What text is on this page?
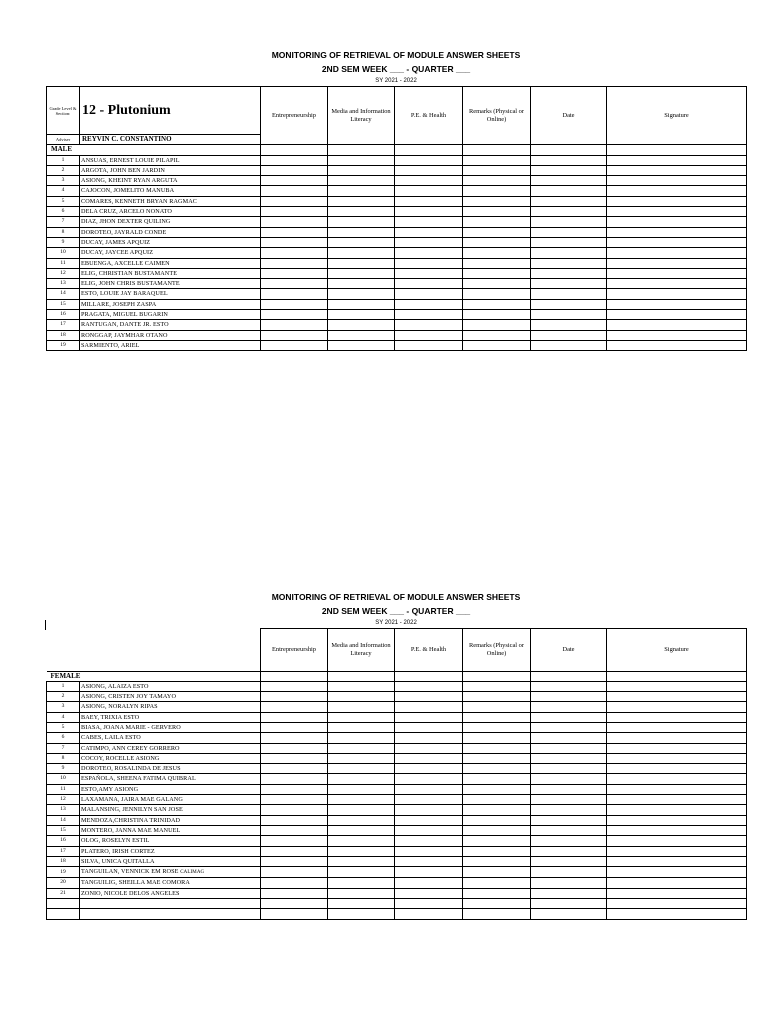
MONITORING OF RETRIEVAL OF MODULE ANSWER SHEETS
2ND SEM WEEK ___ - QUARTER ___
SY 2021 - 2022
Grade Level & Section:	12 - Plutonium	Entrepreneurship	Media and Information Literacy	P.E. & Health	Remarks (Physical or Online)	Date	Signature
Adviser	REYVIN C. CONSTANTINO						
MALE							
1	ANSUAS, ERNEST LOUIE PILAPIL						
2	ARGOTA, JOHN BEN JARDIN						
3	ASIONG, KHEINT RYAN ARGUTA						
4	CAJOCON, JOMELITO MANUBA						
5	COMARES, KENNETH BRYAN RAGMAC						
6	DELA CRUZ, ARCELO NONATO						
7	DIAZ, JHON DEXTER QUILING						
8	DOROTEO, JAYRALD CONDE						
9	DUCAY, JAMES APQUIZ						
10	DUCAY, JAYCEE APQUIZ						
11	EBUENGA, AXCELLE CAIMEN						
12	ELIG, CHRISTIAN BUSTAMANTE						
13	ELIG, JOHN CHRIS BUSTAMANTE						
14	ESTO, LOUIE JAY BARAQUEL						
15	MILLARE, JOSEPH ZASPA						
16	PRAGATA, MIGUEL BUGARIN						
17	RANTUGAN, DANTE JR. ESTO						
18	RONGGAP, JAYMHAR OTANO						
19	SARMIENTO, ARIEL						
MONITORING OF RETRIEVAL OF MODULE ANSWER SHEETS
2ND SEM WEEK ___ - QUARTER ___
SY 2021 - 2022
		Entrepreneurship	Media and Information Literacy	P.E. & Health	Remarks (Physical or Online)	Date	Signature
FEMALE							
1	ASIONG, ALAIZA ESTO						
2	ASIONG, CRISTEN JOY TAMAYO						
3	ASIONG, NORALYN RIPAS						
4	BAEY, TRIXIA ESTO						
5	BIASA, JOANA MARIE - GERVERO						
6	CABES, LAILA ESTO						
7	CATIMPO, ANN CEREY GORRERO						
8	COCOY, ROCELLE ASIONG						
9	DOROTEO, ROSALINDA DE JESUS						
10	ESPAÑOLA, SHEENA FATIMA QUIBRAL						
11	ESTO,AMY ASIONG						
12	LAXAMANA, JAIRA MAE GALANG						
13	MALANSING, JENNILYN SAN JOSE						
14	MENDOZA,CHRISTINA TRINIDAD						
15	MONTERO, JANNA MAE MANUEL						
16	OLOG, ROSELYN ESTIL						
17	PLATERO, IRISH CORTEZ						
18	SILVA, UNICA QUITALLA						
19	TANGUILAN, VENNICK EM ROSE CALIMAG						
20	TANGUILIG, SHEILLA MAE COMORA						
21	ZONIO, NICOLE DELOS ANGELES						
